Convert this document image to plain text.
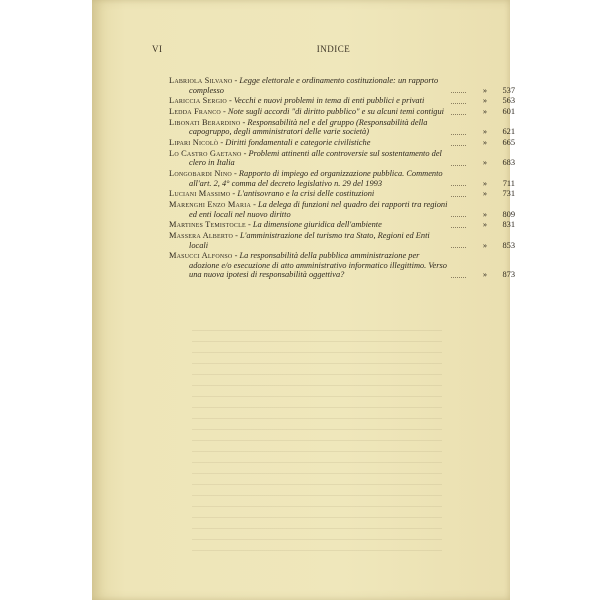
VI	INDICE
Labriola Silvano - Legge elettorale e ordinamento costituzionale: un rapporto complesso	»	537
Lariccia Sergio - Vecchi e nuovi problemi in tema di enti pubblici e privati	»	563
Ledda Franco - Note sugli accordi "di diritto pubblico" e su alcuni temi contigui	»	601
Libonati Berardino - Responsabilità nel e del gruppo (Responsabilità della capogruppo, degli amministratori delle varie società)	»	621
Lipari Nicolò - Diritti fondamentali e categorie civilistiche	»	665
Lo Castro Gaetano - Problemi attinenti alle controversie sul sostentamento del clero in Italia	»	683
Longobardi Nino - Rapporto di impiego ed organizzazione pubblica. Commento all'art. 2, 4° comma del decreto legislativo n. 29 del 1993	»	711
Luciani Massimo - L'antisovrano e la crisi delle costituzioni	»	731
Marenghi Enzo Maria - La delega di funzioni nel quadro dei rapporti tra regioni ed enti locali nel nuovo diritto	»	809
Martines Temistocle - La dimensione giuridica dell'ambiente	»	831
Massera Alberto - L'amministrazione del turismo tra Stato, Regioni ed Enti locali	»	853
Masucci Alfonso - La responsabilità della pubblica amministrazione per adozione e/o esecuzione di atto amministrativo informatico illegittimo. Verso una nuova ipotesi di responsabilità oggettiva?	»	873
